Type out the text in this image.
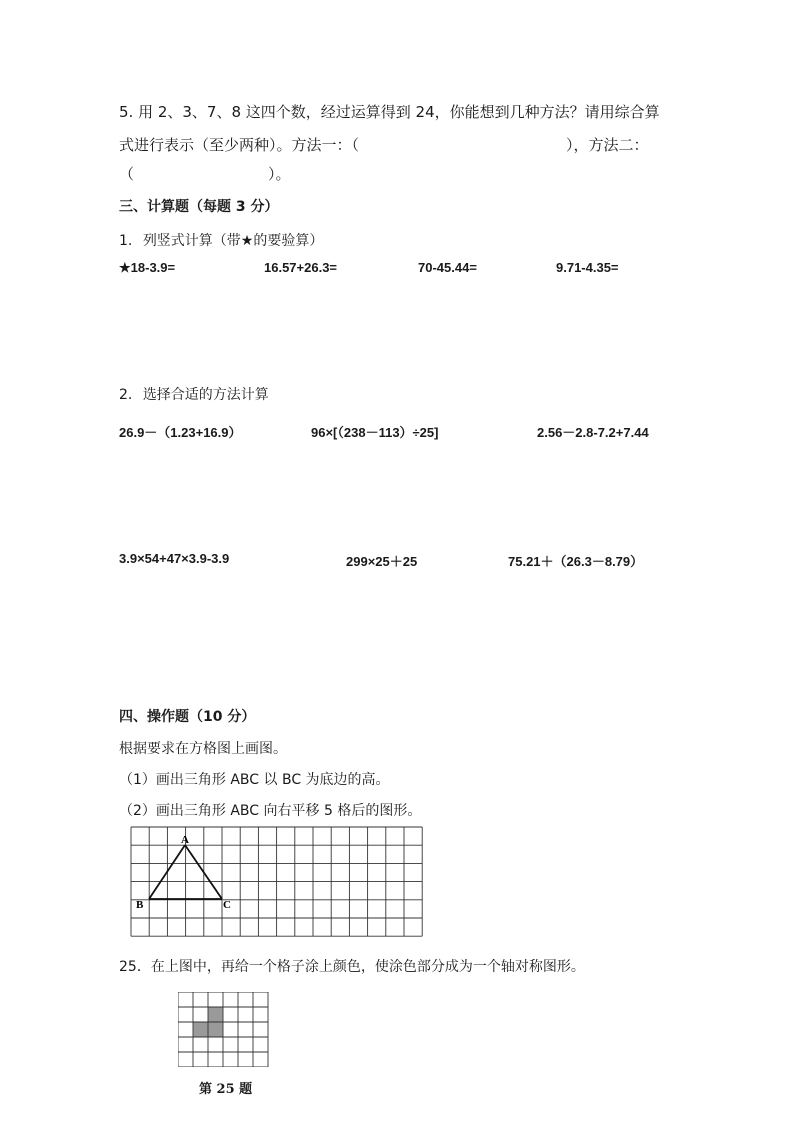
5. 用 2、3、7、8 这四个数，经过运算得到 24，你能想到几种方法？请用综合算
式进行表示（至少两种）。方法一：（	），方法二：
（	）。
三、计算题（每题 3 分）
1. 列竖式计算（带★的要验算）
★18-3.9=	16.57+26.3=	70-45.44=	9.71-4.35=
2. 选择合适的方法计算
26.9－（1.23+16.9）	96×[（238－113）÷25]	2.56－2.8-7.2+7.44
3.9×54+47×3.9-3.9	299×25＋25	75.21＋（26.3－8.79）
四、操作题（10 分）
根据要求在方格图上画图。
（1）画出三角形 ABC 以 BC 为底边的高。
（2）画出三角形 ABC 向右平移 5 格后的图形。
A
B	C
25．在上图中，再给一个格子涂上颜色，使涂色部分成为一个轴对称图形。
第 25 题
